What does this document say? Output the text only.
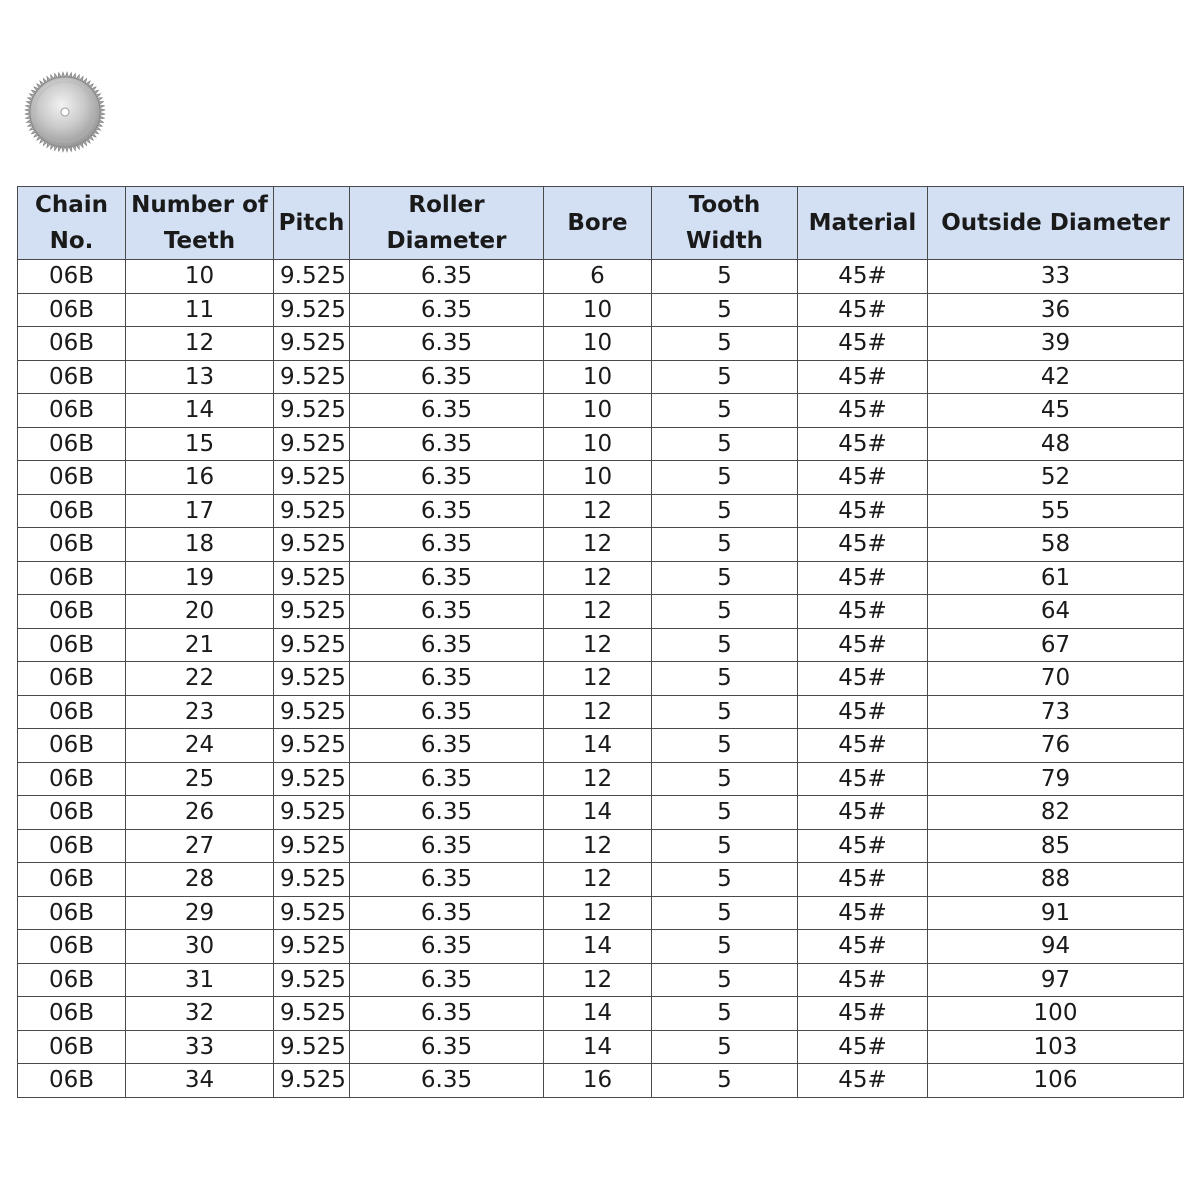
Chain No.	Number of Teeth	Pitch	Roller Diameter	Bore	Tooth Width	Material	Outside Diameter
06B	10	9.525	6.35	6	5	45#	33
06B	11	9.525	6.35	10	5	45#	36
06B	12	9.525	6.35	10	5	45#	39
06B	13	9.525	6.35	10	5	45#	42
06B	14	9.525	6.35	10	5	45#	45
06B	15	9.525	6.35	10	5	45#	48
06B	16	9.525	6.35	10	5	45#	52
06B	17	9.525	6.35	12	5	45#	55
06B	18	9.525	6.35	12	5	45#	58
06B	19	9.525	6.35	12	5	45#	61
06B	20	9.525	6.35	12	5	45#	64
06B	21	9.525	6.35	12	5	45#	67
06B	22	9.525	6.35	12	5	45#	70
06B	23	9.525	6.35	12	5	45#	73
06B	24	9.525	6.35	14	5	45#	76
06B	25	9.525	6.35	12	5	45#	79
06B	26	9.525	6.35	14	5	45#	82
06B	27	9.525	6.35	12	5	45#	85
06B	28	9.525	6.35	12	5	45#	88
06B	29	9.525	6.35	12	5	45#	91
06B	30	9.525	6.35	14	5	45#	94
06B	31	9.525	6.35	12	5	45#	97
06B	32	9.525	6.35	14	5	45#	100
06B	33	9.525	6.35	14	5	45#	103
06B	34	9.525	6.35	16	5	45#	106
